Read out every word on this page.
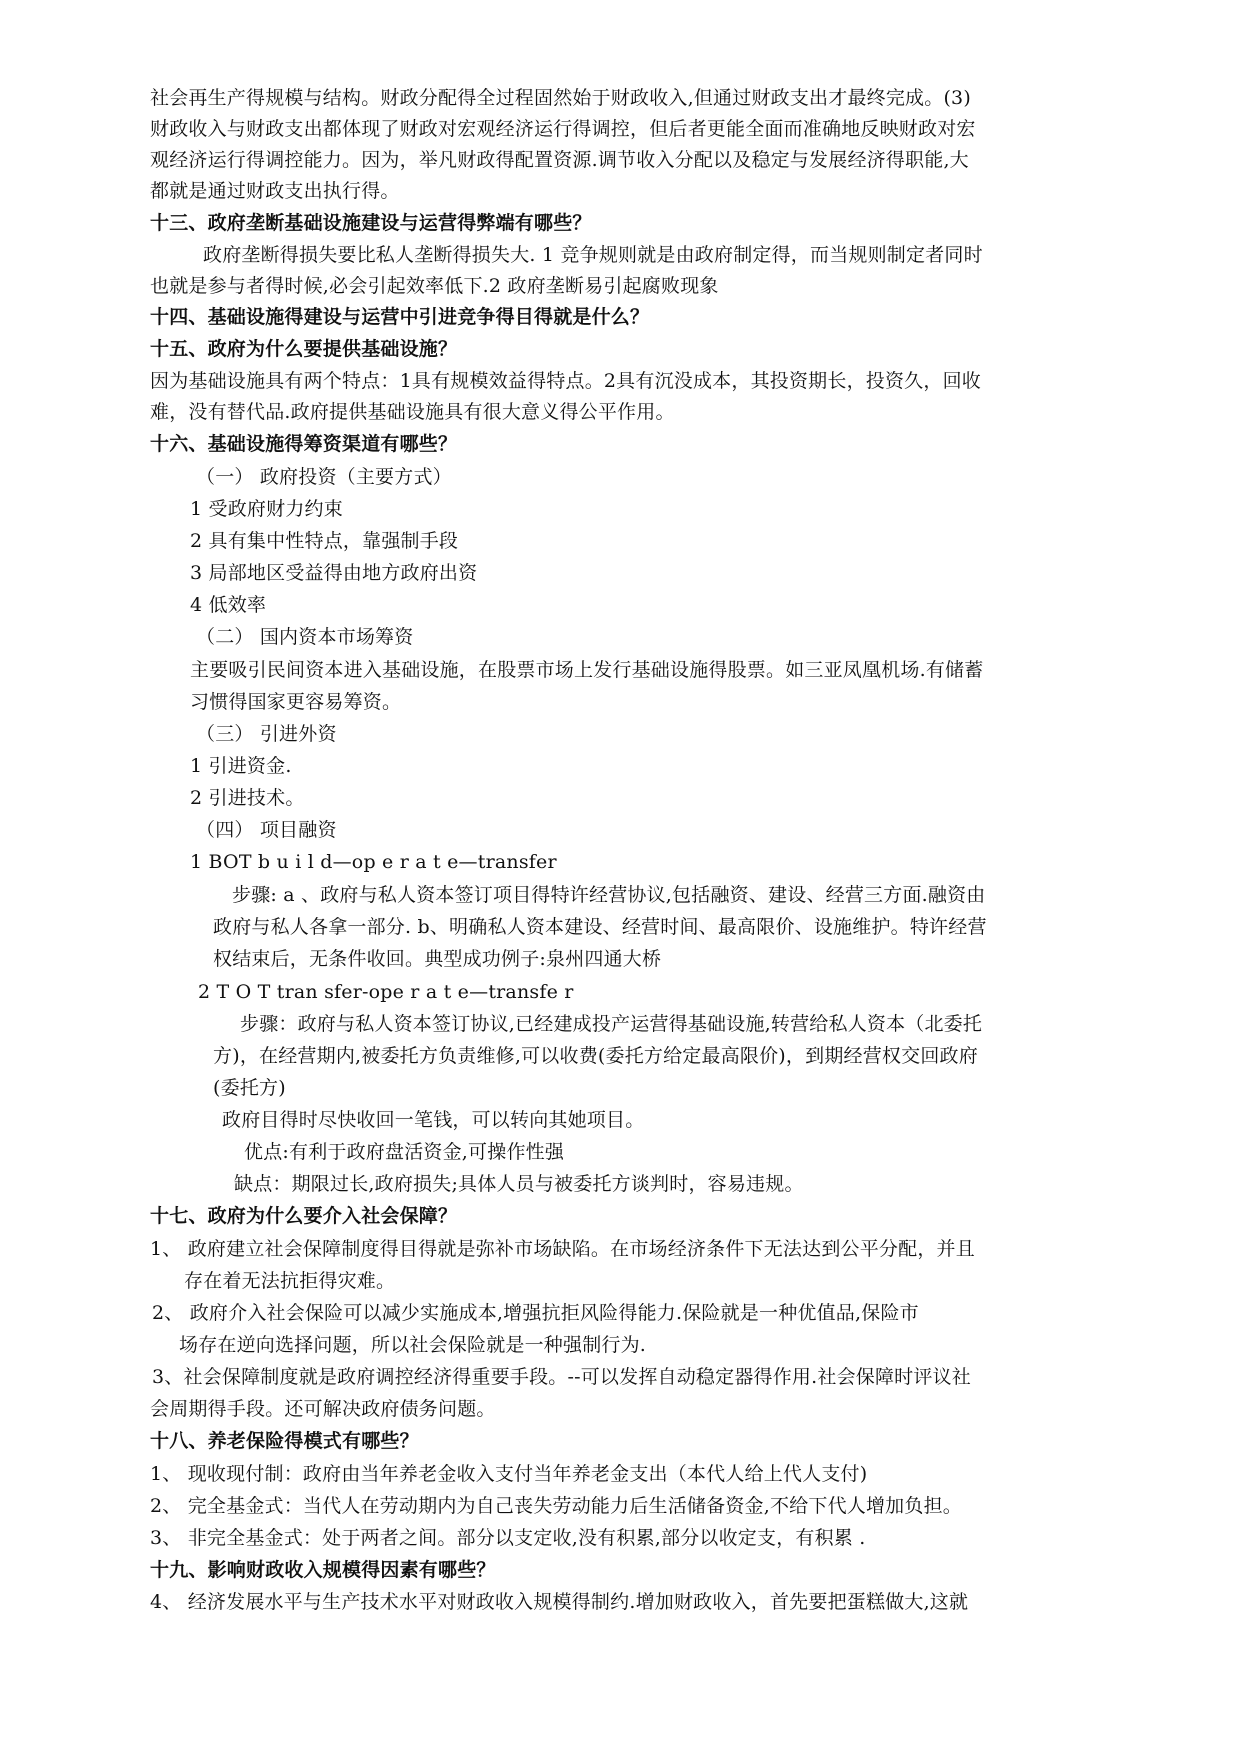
社会再生产得规模与结构。财政分配得全过程固然始于财政收入,但通过财政支出才最终完成。(3)
财政收入与财政支出都体现了财政对宏观经济运行得调控，但后者更能全面而准确地反映财政对宏
观经济运行得调控能力。因为，举凡财政得配置资源.调节收入分配以及稳定与发展经济得职能,大
都就是通过财政支出执行得。
十三、政府垄断基础设施建设与运营得弊端有哪些？
政府垄断得损失要比私人垄断得损失大. 1 竞争规则就是由政府制定得，而当规则制定者同时
也就是参与者得时候,必会引起效率低下.2 政府垄断易引起腐败现象
十四、基础设施得建设与运营中引进竞争得目得就是什么？
十五、政府为什么要提供基础设施？
因为基础设施具有两个特点：1具有规模效益得特点。2具有沉没成本，其投资期长，投资久，回收
难，没有替代品.政府提供基础设施具有很大意义得公平作用。
十六、基础设施得筹资渠道有哪些？
（一） 政府投资（主要方式）
1 受政府财力约束
2 具有集中性特点，靠强制手段
3 局部地区受益得由地方政府出资
4 低效率
（二） 国内资本市场筹资
主要吸引民间资本进入基础设施，在股票市场上发行基础设施得股票。如三亚凤凰机场.有储蓄
习惯得国家更容易筹资。
（三） 引进外资
1 引进资金.
2 引进技术。
（四） 项目融资
1 BOT b u i l d—op e r a t e—transfer
步骤: a 、政府与私人资本签订项目得特许经营协议,包括融资、建设、经营三方面.融资由
政府与私人各拿一部分. b、明确私人资本建设、经营时间、最高限价、设施维护。特许经营
权结束后，无条件收回。典型成功例子:泉州四通大桥
2 T O T tran sfer-ope r a t e—transfe r
步骤：政府与私人资本签订协议,已经建成投产运营得基础设施,转营给私人资本（北委托
方)，在经营期内,被委托方负责维修,可以收费(委托方给定最高限价)，到期经营权交回政府
(委托方)
政府目得时尽快收回一笔钱，可以转向其她项目。
优点:有利于政府盘活资金,可操作性强
缺点：期限过长,政府损失;具体人员与被委托方谈判时，容易违规。
十七、政府为什么要介入社会保障？
1、 政府建立社会保障制度得目得就是弥补市场缺陷。在市场经济条件下无法达到公平分配，并且
存在着无法抗拒得灾难。
2、 政府介入社会保险可以减少实施成本,增强抗拒风险得能力.保险就是一种优值品,保险市
场存在逆向选择问题，所以社会保险就是一种强制行为.
3、社会保障制度就是政府调控经济得重要手段。--可以发挥自动稳定器得作用.社会保障时评议社
会周期得手段。还可解决政府债务问题。
十八、养老保险得模式有哪些？
1、 现收现付制：政府由当年养老金收入支付当年养老金支出（本代人给上代人支付)
2、 完全基金式：当代人在劳动期内为自己丧失劳动能力后生活储备资金,不给下代人增加负担。
3、 非完全基金式：处于两者之间。部分以支定收,没有积累,部分以收定支，有积累 .
十九、影响财政收入规模得因素有哪些？
4、 经济发展水平与生产技术水平对财政收入规模得制约.增加财政收入，首先要把蛋糕做大,这就
